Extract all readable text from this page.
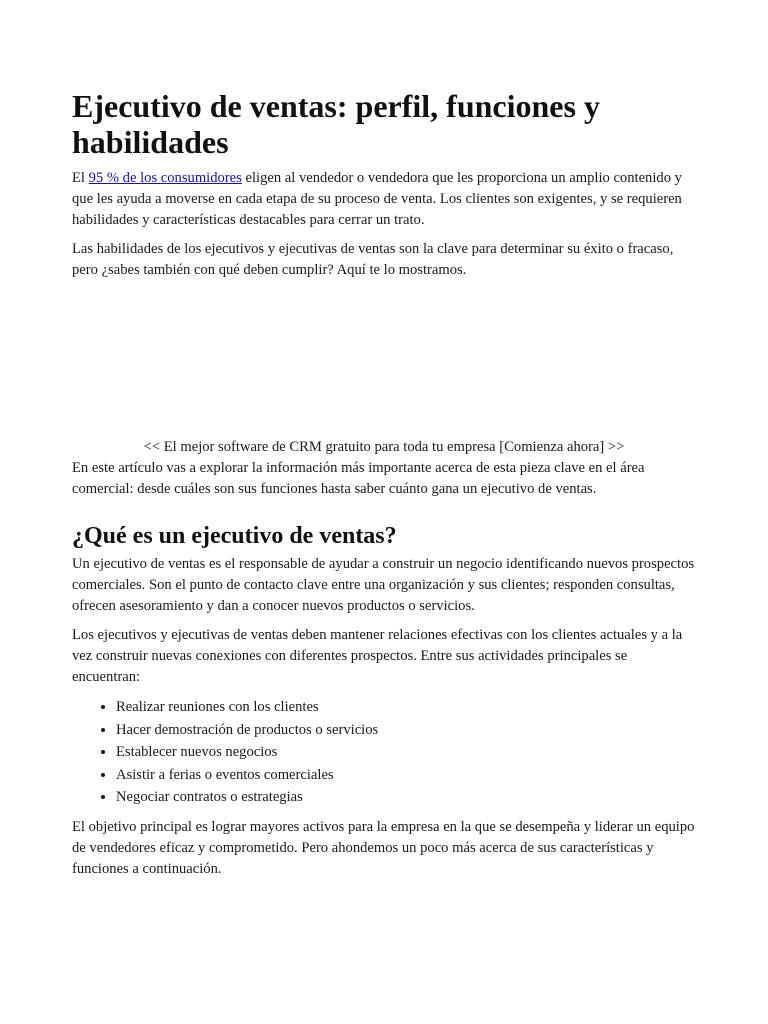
Ejecutivo de ventas: perfil, funciones y habilidades

El 95 % de los consumidores eligen al vendedor o vendedora que les proporciona un amplio contenido y que les ayuda a moverse en cada etapa de su proceso de venta. Los clientes son exigentes, y se requieren habilidades y características destacables para cerrar un trato.

Las habilidades de los ejecutivos y ejecutivas de ventas son la clave para determinar su éxito o fracaso, pero ¿sabes también con qué deben cumplir? Aquí te lo mostramos.

<< El mejor software de CRM gratuito para toda tu empresa [Comienza ahora] >>

En este artículo vas a explorar la información más importante acerca de esta pieza clave en el área comercial: desde cuáles son sus funciones hasta saber cuánto gana un ejecutivo de ventas.

¿Qué es un ejecutivo de ventas?

Un ejecutivo de ventas es el responsable de ayudar a construir un negocio identificando nuevos prospectos comerciales. Son el punto de contacto clave entre una organización y sus clientes; responden consultas, ofrecen asesoramiento y dan a conocer nuevos productos o servicios.

Los ejecutivos y ejecutivas de ventas deben mantener relaciones efectivas con los clientes actuales y a la vez construir nuevas conexiones con diferentes prospectos. Entre sus actividades principales se encuentran:

• Realizar reuniones con los clientes
• Hacer demostración de productos o servicios
• Establecer nuevos negocios
• Asistir a ferias o eventos comerciales
• Negociar contratos o estrategias

El objetivo principal es lograr mayores activos para la empresa en la que se desempeña y liderar un equipo de vendedores eficaz y comprometido. Pero ahondemos un poco más acerca de sus características y funciones a continuación.
